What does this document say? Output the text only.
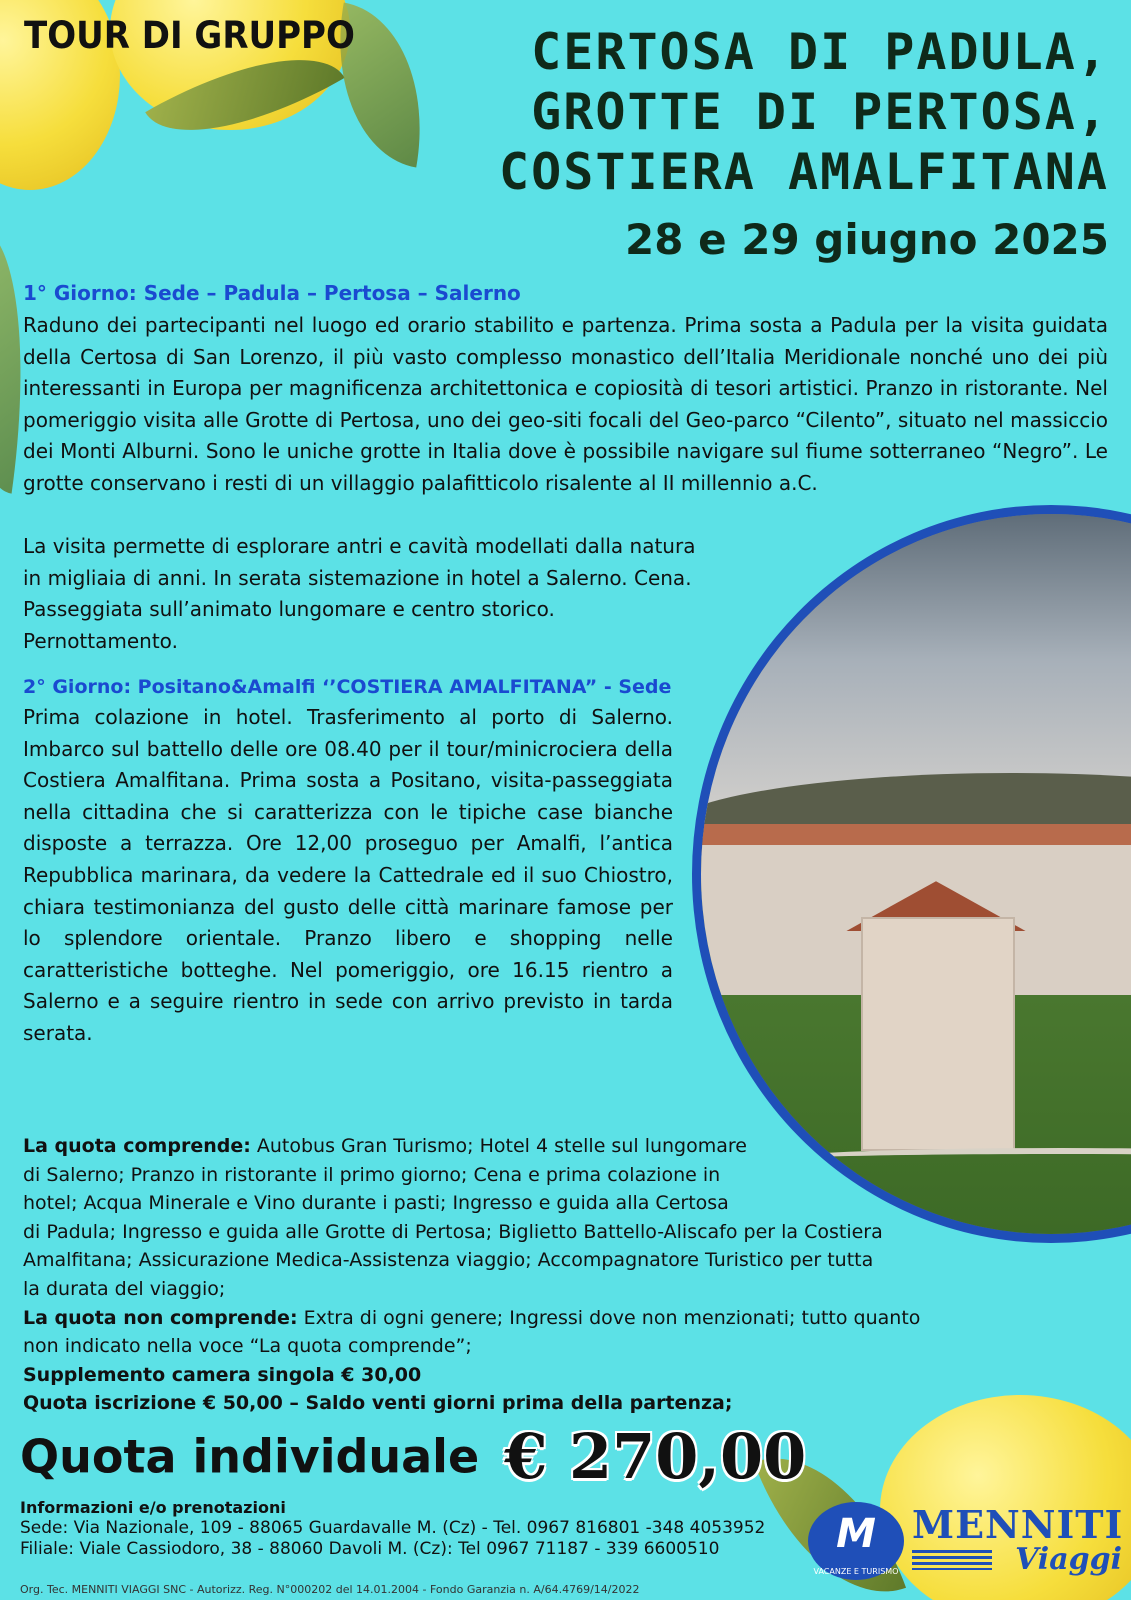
TOUR DI GRUPPO	CERTOSA DI PADULA,
GROTTE DI PERTOSA,
COSTIERA AMALFITANA
28 e 29 giugno 2025
1° Giorno: Sede – Padula – Pertosa – Salerno
Raduno dei partecipanti nel luogo ed orario stabilito e partenza. Prima sosta a Padula per la visita guidata della Certosa di San Lorenzo, il più vasto complesso monastico dell’Italia Meridionale nonché uno dei più interessanti in Europa per magnificenza architettonica e copiosità di tesori artistici. Pranzo in ristorante. Nel pomeriggio visita alle Grotte di Pertosa, uno dei geo-siti focali del Geo-parco “Cilento”, situato nel massiccio dei Monti Alburni. Sono le uniche grotte in Italia dove è possibile navigare sul fiume sotterraneo “Negro”. Le grotte conservano i resti di un villaggio palafitticolo risalente al II millennio a.C.
La visita permette di esplorare antri e cavità modellati dalla natura
in migliaia di anni. In serata sistemazione in hotel a Salerno. Cena.
Passeggiata sull’animato lungomare e centro storico.
Pernottamento.
2° Giorno: Positano&Amalfi ‘’COSTIERA AMALFITANA” - Sede
Prima colazione in hotel. Trasferimento al porto di Salerno. Imbarco sul battello delle ore 08.40 per il tour/minicrociera della Costiera Amalfitana. Prima sosta a Positano, visita-passeggiata nella cittadina che si caratterizza con le tipiche case bianche disposte a terrazza. Ore 12,00 proseguo per Amalfi, l’antica Repubblica marinara, da vedere la Cattedrale ed il suo Chiostro, chiara testimonianza del gusto delle città marinare famose per lo splendore orientale. Pranzo libero e shopping nelle caratteristiche botteghe. Nel pomeriggio, ore 16.15 rientro a Salerno e a seguire rientro in sede con arrivo previsto in tarda serata.
La quota comprende: Autobus Gran Turismo; Hotel 4 stelle sul lungomare
di Salerno; Pranzo in ristorante il primo giorno; Cena e prima colazione in
hotel; Acqua Minerale e Vino durante i pasti; Ingresso e guida alla Certosa
di Padula; Ingresso e guida alle Grotte di Pertosa; Biglietto Battello-Aliscafo per la Costiera
Amalfitana; Assicurazione Medica-Assistenza viaggio; Accompagnatore Turistico per tutta
la durata del viaggio;
La quota non comprende: Extra di ogni genere; Ingressi dove non menzionati; tutto quanto
non indicato nella voce “La quota comprende”;
Supplemento camera singola € 30,00
Quota iscrizione € 50,00 – Saldo venti giorni prima della partenza;
Quota individuale € 270,00
Informazioni e/o prenotazioni
Sede: Via Nazionale, 109 - 88065 Guardavalle M. (Cz) - Tel. 0967 816801 -348 4053952
Filiale: Viale Cassiodoro, 38 - 88060 Davoli M. (Cz): Tel 0967 71187 - 339 6600510
Org. Tec. MENNITI VIAGGI SNC - Autorizz. Reg. N°000202 del 14.01.2004 - Fondo Garanzia n. A/64.4769/14/2022
M
VACANZE E TURISMO
MENNITI
Viaggi
